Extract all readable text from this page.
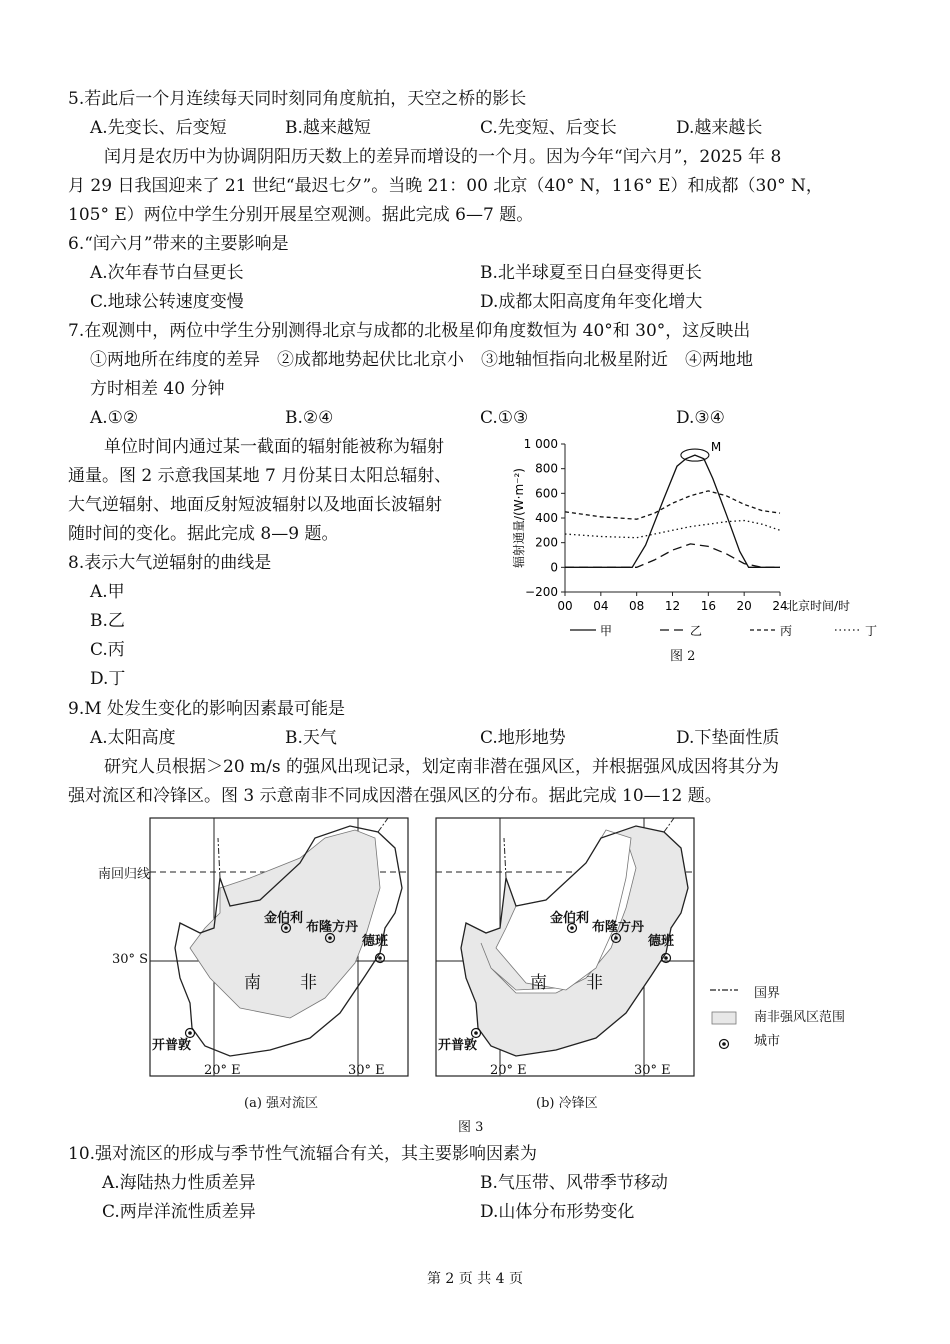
5.若此后一个月连续每天同时刻同角度航拍，天空之桥的影长
A.先变长、后变短	B.越来越短	C.先变短、后变长	D.越来越长
闰月是农历中为协调阴阳历天数上的差异而增设的一个月。因为今年“闰六月”，2025 年 8
月 29 日我国迎来了 21 世纪“最迟七夕”。当晚 21：00 北京（40° N，116° E）和成都（30° N，
105° E）两位中学生分别开展星空观测。据此完成 6—7 题。
6.“闰六月”带来的主要影响是
A.次年春节白昼更长	B.北半球夏至日白昼变得更长
C.地球公转速度变慢	D.成都太阳高度角年变化增大
7.在观测中，两位中学生分别测得北京与成都的北极星仰角度数恒为 40°和 30°，这反映出
①两地所在纬度的差异　②成都地势起伏比北京小　③地轴恒指向北极星附近　④两地地
方时相差 40 分钟
A.①②	B.②④	C.①③	D.③④
单位时间内通过某一截面的辐射能被称为辐射
通量。图 2 示意我国某地 7 月份某日太阳总辐射、
大气逆辐射、地面反射短波辐射以及地面长波辐射
随时间的变化。据此完成 8—9 题。
8.表示大气逆辐射的曲线是
A.甲
B.乙
C.丙
D.丁
1 000
800
600
400
200
0
−200
00 04 08 12 16 20 24
北京时间/时
辐射通量/(W·m⁻²)
M
甲	乙	丙	丁
图 2
9.M 处发生变化的影响因素最可能是
A.太阳高度	B.天气	C.地形地势	D.下垫面性质
研究人员根据＞20 m/s 的强风出现记录，划定南非潜在强风区，并根据强风成因将其分为
强对流区和冷锋区。图 3 示意南非不同成因潜在强风区的分布。据此完成 10—12 题。
南回归线
30° S
20° E	30° E	20° E	30° E
金伯利
布隆方丹
德班
开普敦
南 非
金伯利
布隆方丹
德班
开普敦
南 非
国界
南非强风区范围
城市
(a) 强对流区	(b) 冷锋区
图 3
10.强对流区的形成与季节性气流辐合有关，其主要影响因素为
A.海陆热力性质差异	B.气压带、风带季节移动
C.两岸洋流性质差异	D.山体分布形势变化
第 2 页 共 4 页
